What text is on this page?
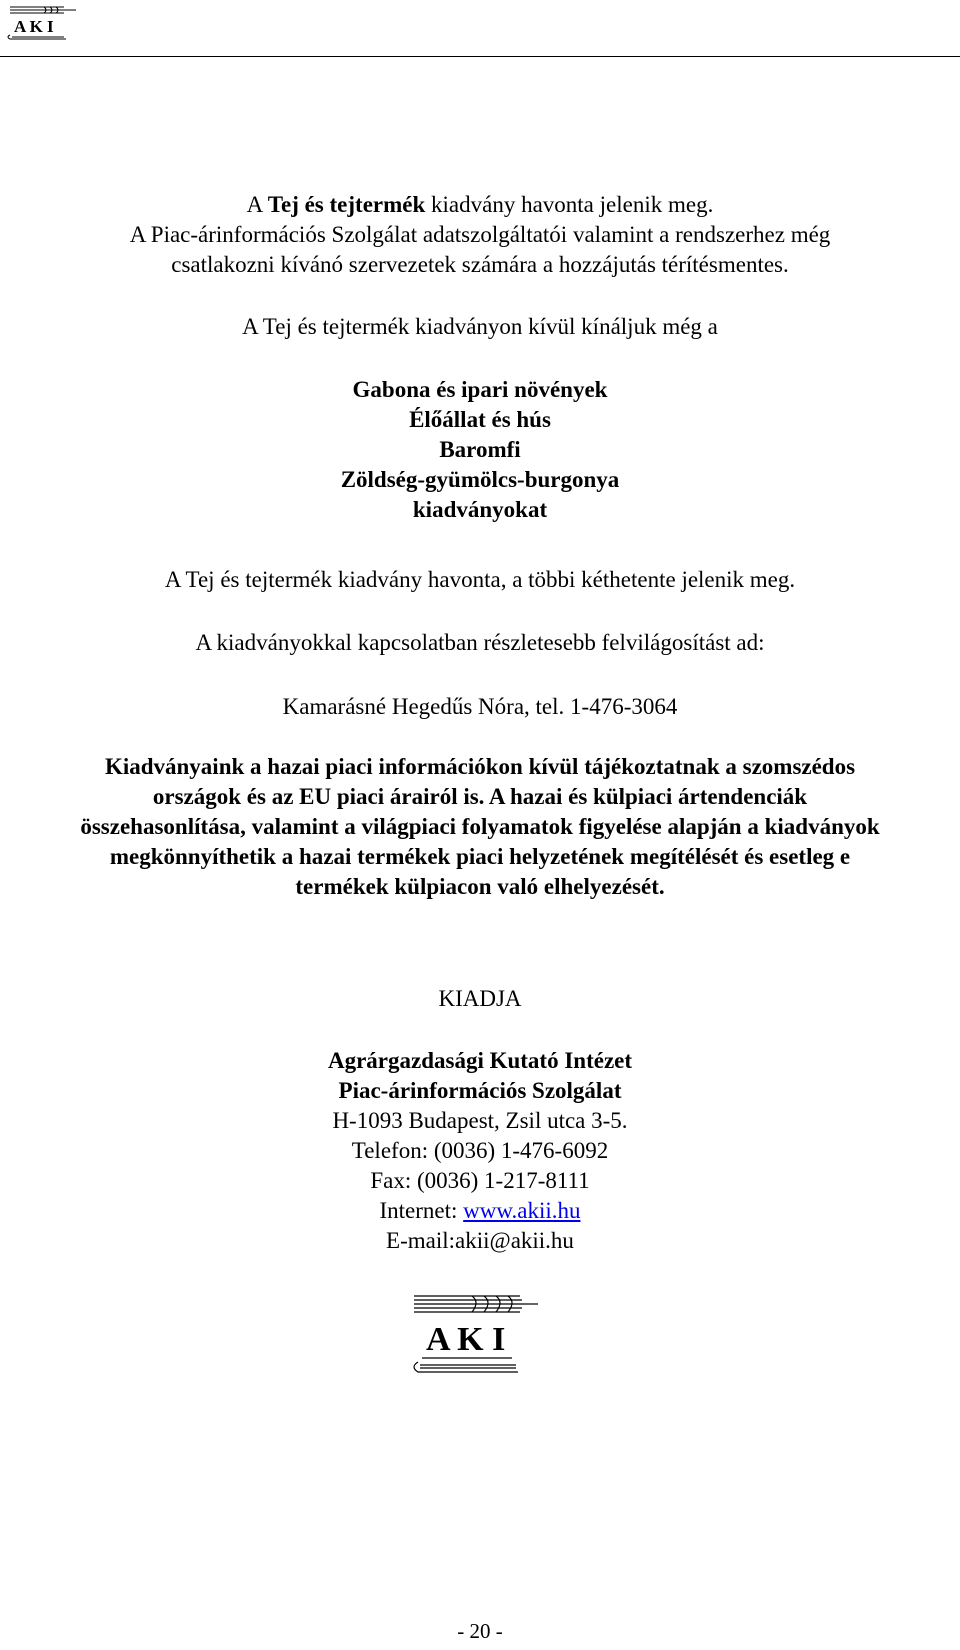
A K I
A Tej és tejtermék kiadvány havonta jelenik meg.
A Piac-árinformációs Szolgálat adatszolgáltatói valamint a rendszerhez még
csatlakozni kívánó szervezetek számára a hozzájutás térítésmentes.
A Tej és tejtermék kiadványon kívül kínáljuk még a
Gabona és ipari növények
Élőállat és hús
Baromfi
Zöldség-gyümölcs-burgonya
kiadványokat
A Tej és tejtermék kiadvány havonta, a többi kéthetente jelenik meg.
A kiadványokkal kapcsolatban részletesebb felvilágosítást ad:
Kamarásné Hegedűs Nóra, tel. 1-476-3064
Kiadványaink a hazai piaci információkon kívül tájékoztatnak a szomszédos
országok és az EU piaci árairól is. A hazai és külpiaci ártendenciák
összehasonlítása, valamint a világpiaci folyamatok figyelése alapján a kiadványok
megkönnyíthetik a hazai termékek piaci helyzetének megítélését és esetleg e
termékek külpiacon való elhelyezését.
KIADJA
Agrárgazdasági Kutató Intézet
Piac-árinformációs Szolgálat
H-1093 Budapest, Zsil utca 3-5.
Telefon: (0036) 1-476-6092
Fax: (0036) 1-217-8111
Internet: www.akii.hu
E-mail:akii@akii.hu
A K I
- 20 -
